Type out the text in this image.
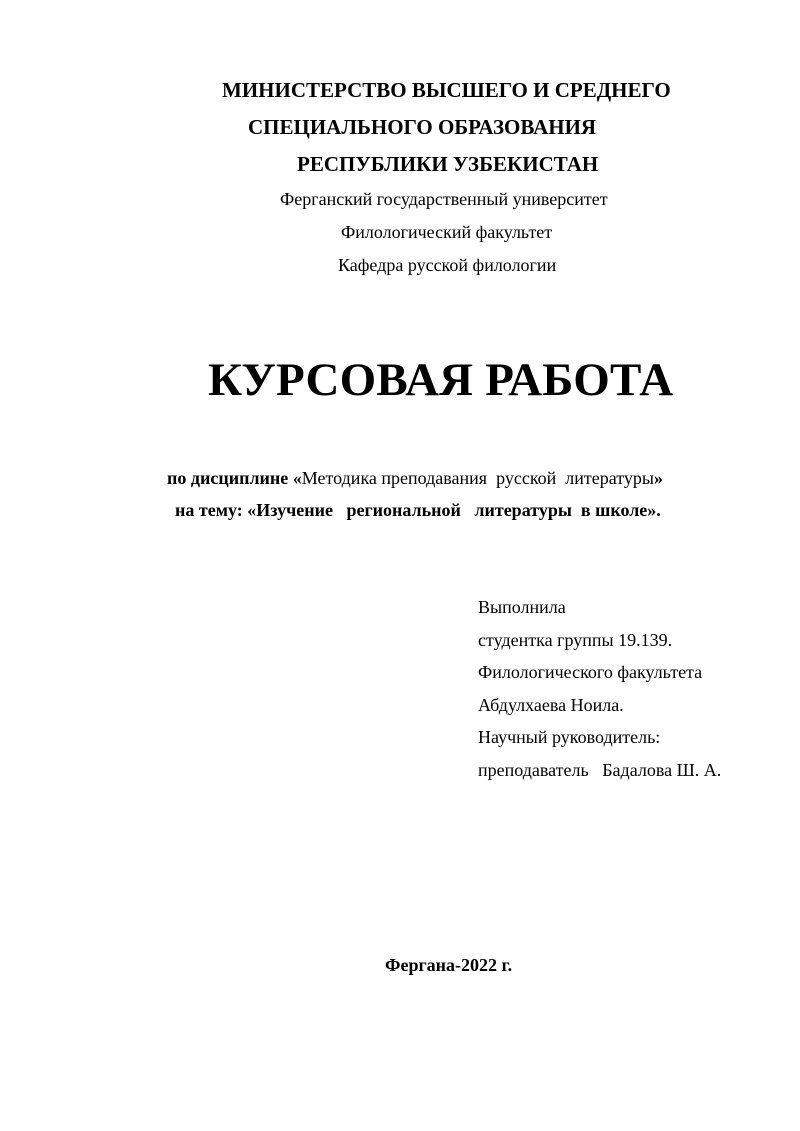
МИНИСТЕРСТВО ВЫСШЕГО И СРЕДНЕГО
СПЕЦИАЛЬНОГО ОБРАЗОВАНИЯ
РЕСПУБЛИКИ УЗБЕКИСТАН
Ферганский государственный университет
Филологический факультет
Кафедра русской филологии
КУРСОВАЯ РАБОТА
по дисциплине «Методика преподавания  русской  литературы»
на тему: «Изучение   региональной   литературы  в школе».
Выполнила
студентка группы 19.139.
Филологического факультета
Абдулхаева Ноила.
Научный руководитель:
преподаватель   Бадалова Ш. А.
Фергана-2022 г.
